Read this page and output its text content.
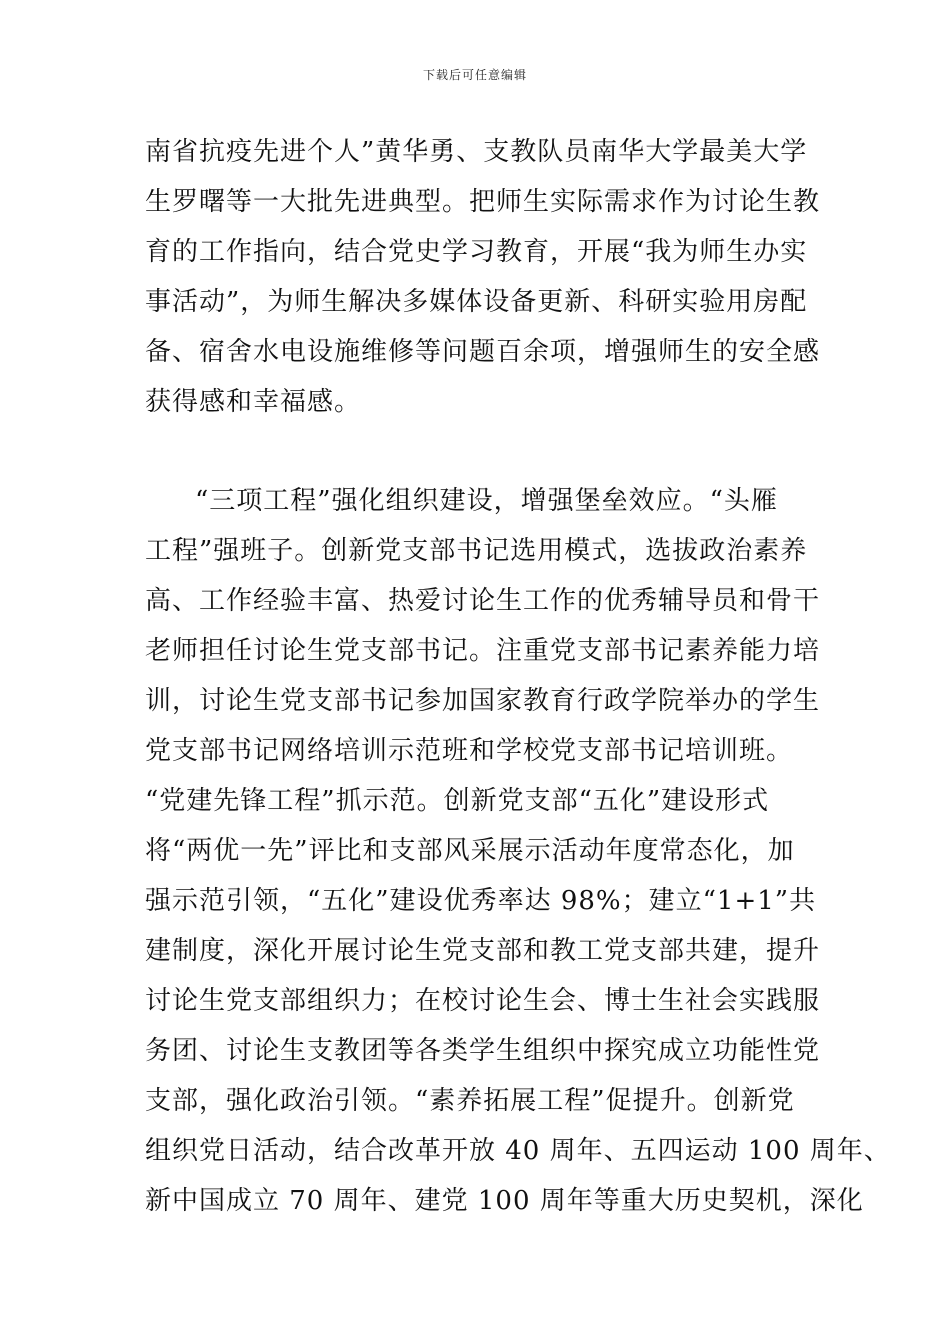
下载后可任意编辑
南省抗疫先进个人”黄华勇、支教队员南华大学最美大学
生罗曙等一大批先进典型。把师生实际需求作为讨论生教
育的工作指向，结合党史学习教育，开展“我为师生办实
事活动”，为师生解决多媒体设备更新、科研实验用房配
备、宿舍水电设施维修等问题百余项，增强师生的安全感
获得感和幸福感。
“三项工程”强化组织建设，增强堡垒效应。“头雁
工程”强班子。创新党支部书记选用模式，选拔政治素养
高、工作经验丰富、热爱讨论生工作的优秀辅导员和骨干
老师担任讨论生党支部书记。注重党支部书记素养能力培
训，讨论生党支部书记参加国家教育行政学院举办的学生
党支部书记网络培训示范班和学校党支部书记培训班。
“党建先锋工程”抓示范。创新党支部“五化”建设形式
将“两优一先”评比和支部风采展示活动年度常态化，加
强示范引领，“五化”建设优秀率达 98%；建立“1+1”共
建制度，深化开展讨论生党支部和教工党支部共建，提升
讨论生党支部组织力；在校讨论生会、博士生社会实践服
务团、讨论生支教团等各类学生组织中探究成立功能性党
支部，强化政治引领。“素养拓展工程”促提升。创新党
组织党日活动，结合改革开放 40 周年、五四运动 100 周年、
新中国成立 70 周年、建党 100 周年等重大历史契机，深化
